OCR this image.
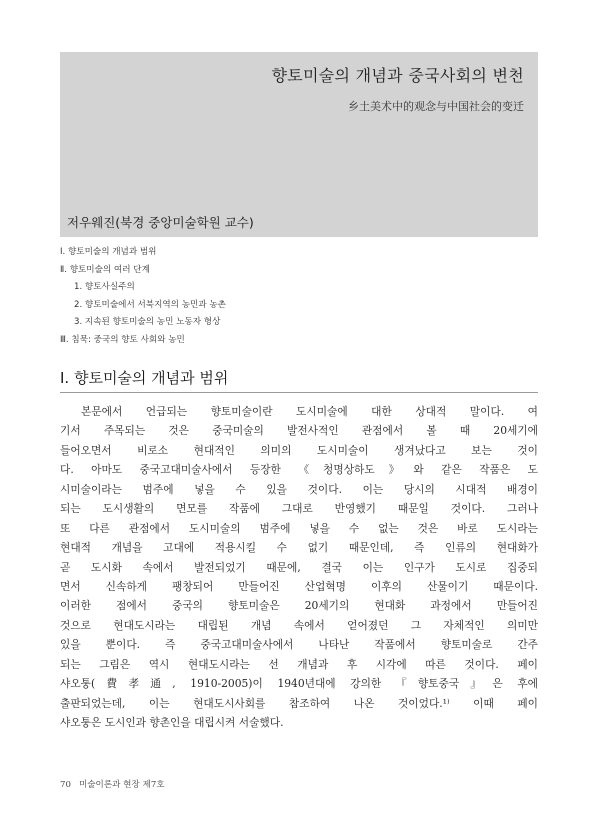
향토미술의 개념과 중국사회의 변천
乡土美术中的观念与中国社会的变迁
저우웨진(북경 중앙미술학원 교수)
Ⅰ. 향토미술의 개념과 범위
Ⅱ. 향토미술의 여러 단계
1. 향토사실주의
2. 향토미술에서 서북지역의 농민과 농촌
3. 지속된 향토미술의 농민 노동자 형상
Ⅲ. 침묵: 중국의 향토 사회와 농민
Ⅰ. 향토미술의 개념과 범위
본문에서 언급되는 향토미술이란 도시미술에 대한 상대적 말이다. 여
기서 주목되는 것은 중국미술의 발전사적인 관점에서 볼 때 20세기에
들어오면서 비로소 현대적인 의미의 도시미술이 생겨났다고 보는 것이
다. 아마도 중국고대미술사에서 등장한 《청명상하도》와 같은 작품은 도
시미술이라는 범주에 넣을 수 있을 것이다. 이는 당시의 시대적 배경이
되는 도시생활의 면모를 작품에 그대로 반영했기 때문일 것이다. 그러나
또 다른 관점에서 도시미술의 범주에 넣을 수 없는 것은 바로 도시라는
현대적 개념을 고대에 적용시킬 수 없기 때문인데, 즉 인류의 현대화가
곧 도시화 속에서 발전되었기 때문에, 결국 이는 인구가 도시로 집중되
면서 신속하게 팽창되어 만들어진 산업혁명 이후의 산물이기 때문이다.
이러한 점에서 중국의 향토미술은 20세기의 현대화 과정에서 만들어진
것으로 현대도시라는 대립된 개념 속에서 얻어졌던 그 자체적인 의미만
있을 뿐이다. 즉 중국고대미술사에서 나타난 작품에서 향토미술로 간주
되는 그림은 역시 현대도시라는 선 개념과 후 시각에 따른 것이다. 페이
샤오퉁(費孝通, 1910-2005)이 1940년대에 강의한 『향토중국』은 후에
출판되었는데, 이는 현대도시사회를 참조하여 나온 것이었다.¹⁾ 이때 페이
샤오퉁은 도시인과 향촌인을 대립시켜 서술했다.
70 미술이론과 현장 제7호
